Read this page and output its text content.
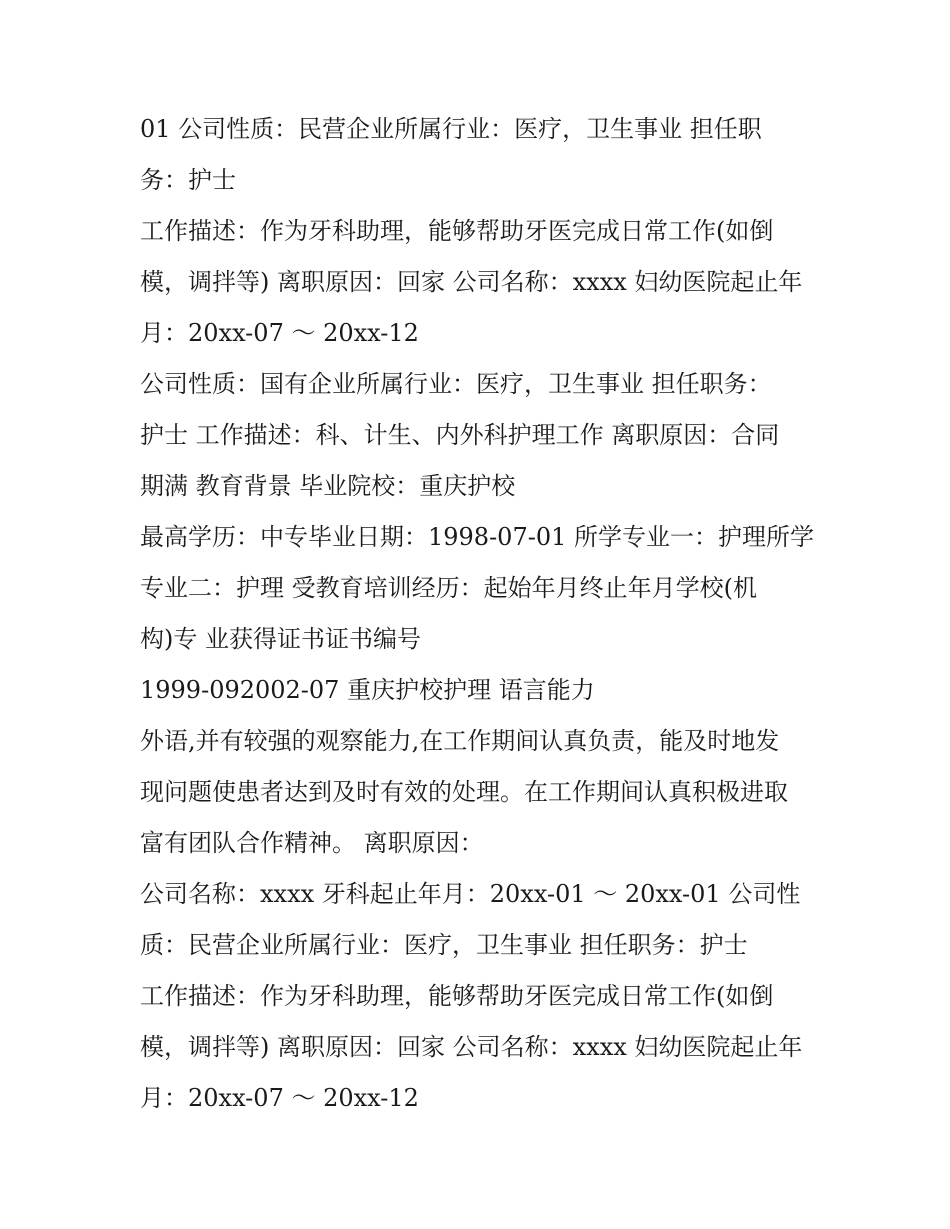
01 公司性质：民营企业所属行业：医疗，卫生事业 担任职
务：护士
工作描述：作为牙科助理，能够帮助牙医完成日常工作(如倒
模，调拌等) 离职原因：回家 公司名称：xxxx 妇幼医院起止年
月：20xx-07 ～ 20xx-12
公司性质：国有企业所属行业：医疗，卫生事业 担任职务：
护士 工作描述：科、计生、内外科护理工作 离职原因：合同
期满 教育背景 毕业院校：重庆护校
最高学历：中专毕业日期：1998-07-01 所学专业一：护理所学
专业二：护理 受教育培训经历：起始年月终止年月学校(机
构)专 业获得证书证书编号
1999-092002-07 重庆护校护理 语言能力
外语,并有较强的观察能力,在工作期间认真负责，能及时地发
现问题使患者达到及时有效的处理。在工作期间认真积极进取
富有团队合作精神。 离职原因：
公司名称：xxxx 牙科起止年月：20xx-01 ～ 20xx-01 公司性
质：民营企业所属行业：医疗，卫生事业 担任职务：护士
工作描述：作为牙科助理，能够帮助牙医完成日常工作(如倒
模，调拌等) 离职原因：回家 公司名称：xxxx 妇幼医院起止年
月：20xx-07 ～ 20xx-12
